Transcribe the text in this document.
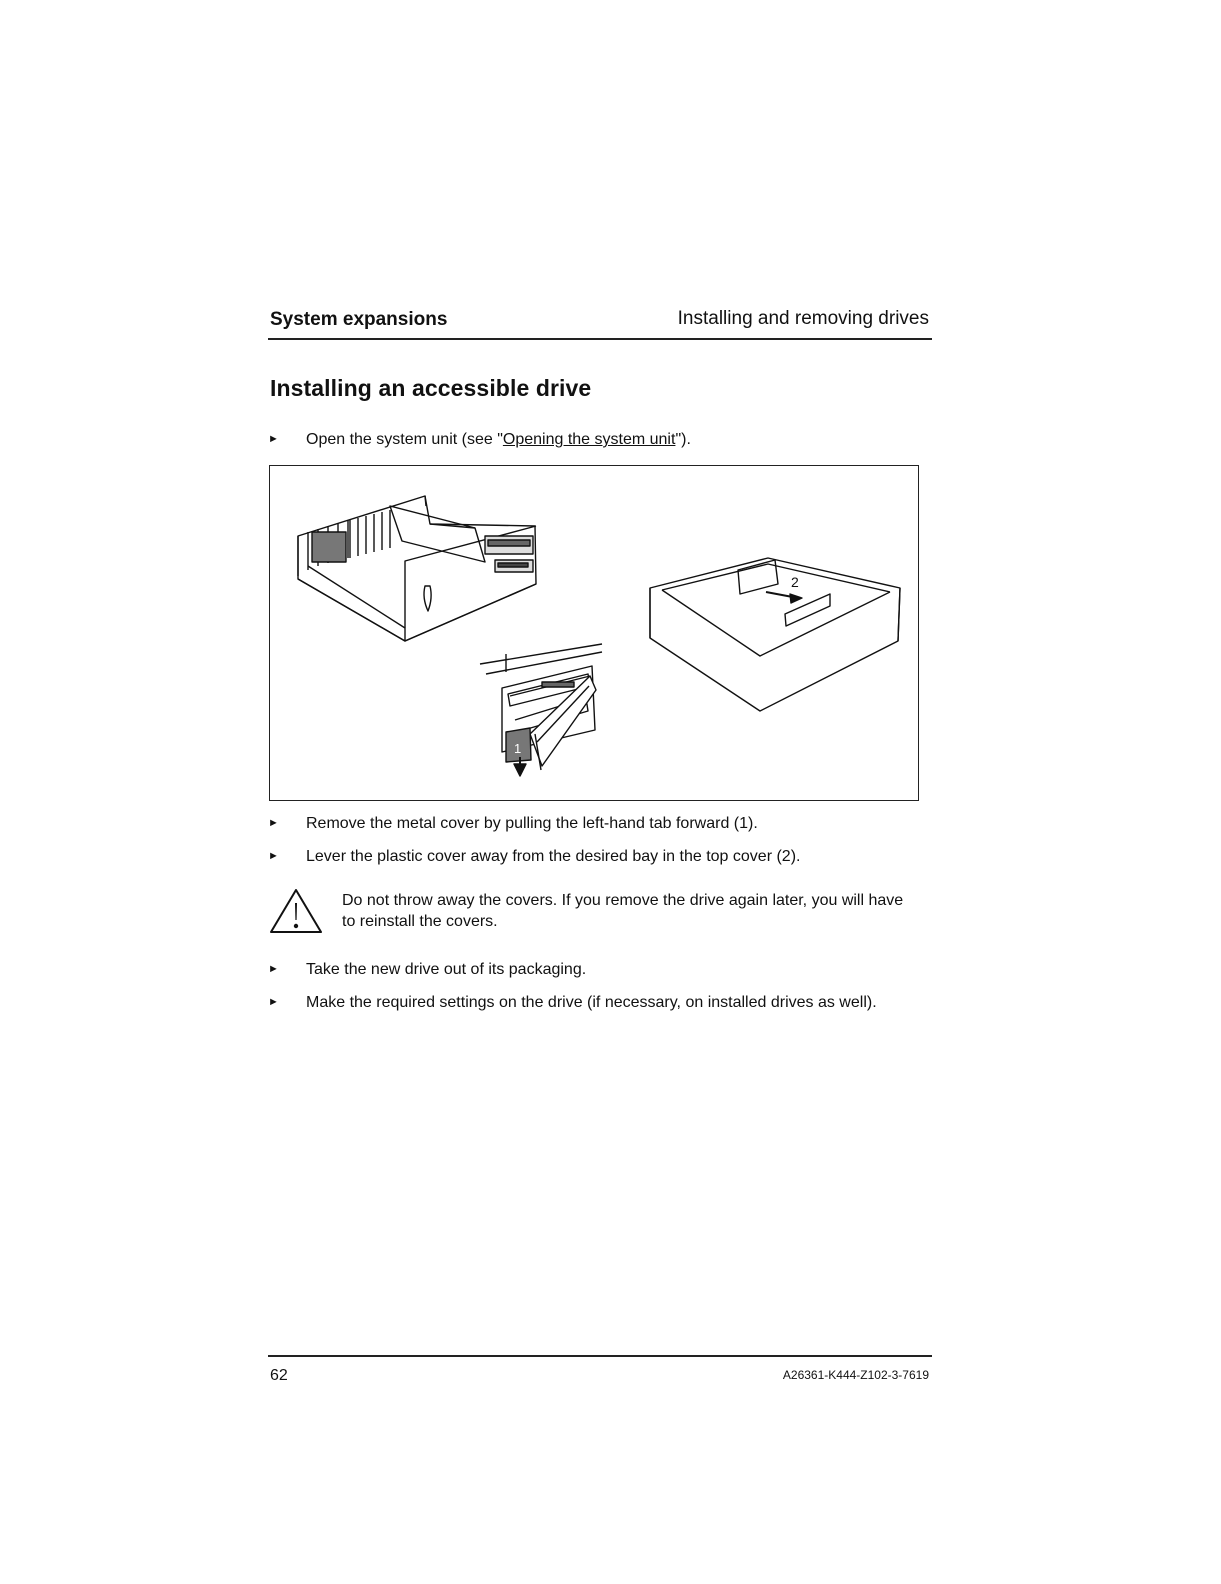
System expansions	Installing and removing drives
Installing an accessible drive
► Open the system unit (see "Opening the system unit").
2
1
► Remove the metal cover by pulling the left-hand tab forward (1).
► Lever the plastic cover away from the desired bay in the top cover (2).
Do not throw away the covers. If you remove the drive again later, you will have to reinstall the covers.
► Take the new drive out of its packaging.
► Make the required settings on the drive (if necessary, on installed drives as well).
62	A26361-K444-Z102-3-7619
